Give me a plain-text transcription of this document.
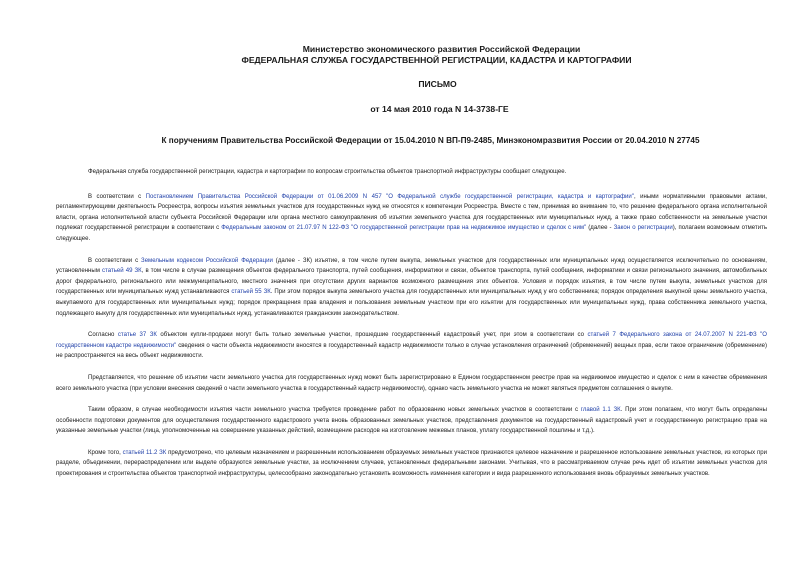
Министерство экономического развития Российской Федерации
ФЕДЕРАЛЬНАЯ СЛУЖБА ГОСУДАРСТВЕННОЙ РЕГИСТРАЦИИ, КАДАСТРА И КАРТОГРАФИИ
ПИСЬМО
от 14 мая 2010 года N 14-3738-ГЕ
К поручениям Правительства Российской Федерации от 15.04.2010 N ВП-П9-2485, Минэкономразвития России от 20.04.2010 N 27745

Федеральная служба государственной регистрации, кадастра и картографии по вопросам строительства объектов транспортной инфраструктуры сообщает следующее.

В соответствии с Постановлением Правительства Российской Федерации от 01.06.2009 N 457 "О Федеральной службе государственной регистрации, кадастра и картографии", иными нормативными правовыми актами, регламентирующими деятельность Росреестра, вопросы изъятия земельных участков для государственных нужд не относятся к компетенции Росреестра. Вместе с тем, принимая во внимание то, что решение федерального органа исполнительной власти, органа исполнительной власти субъекта Российской Федерации или органа местного самоуправления об изъятии земельного участка для государственных или муниципальных нужд, а также право собственности на земельные участки подлежат государственной регистрации в соответствии с Федеральным законом от 21.07.97 N 122-ФЗ "О государственной регистрации прав на недвижимое имущество и сделок с ним" (далее - Закон о регистрации), полагаем возможным отметить следующее.

В соответствии с Земельным кодексом Российской Федерации (далее - ЗК) изъятие, в том числе путем выкупа, земельных участков для государственных или муниципальных нужд осуществляется исключительно по основаниям, установленным статьей 49 ЗК, в том числе в случае размещения объектов федерального транспорта, путей сообщения, информатики и связи, объектов транспорта, путей сообщения, информатики и связи регионального значения, автомобильных дорог федерального, регионального или межмуниципального, местного значения при отсутствии других вариантов возможного размещения этих объектов. Условия и порядок изъятия, в том числе путем выкупа, земельных участков для государственных или муниципальных нужд устанавливаются статьей 55 ЗК. При этом порядок выкупа земельного участка для государственных или муниципальных нужд у его собственника; порядок определения выкупной цены земельного участка, выкупаемого для государственных или муниципальных нужд; порядок прекращения прав владения и пользования земельным участком при его изъятии для государственных или муниципальных нужд, права собственника земельного участка, подлежащего выкупу для государственных или муниципальных нужд, устанавливаются гражданским законодательством.

Согласно статье 37 ЗК объектом купли-продажи могут быть только земельные участки, прошедшие государственный кадастровый учет, при этом в соответствии со статьей 7 Федерального закона от 24.07.2007 N 221-ФЗ "О государственном кадастре недвижимости" сведения о части объекта недвижимости вносятся в государственный кадастр недвижимости только в случае установления ограничений (обременений) вещных прав, если такое ограничение (обременение) не распространяется на весь объект недвижимости.

Представляется, что решение об изъятии части земельного участка для государственных нужд может быть зарегистрировано в Едином государственном реестре прав на недвижимое имущество и сделок с ним в качестве обременения всего земельного участка (при условии внесения сведений о части земельного участка в государственный кадастр недвижимости), однако часть земельного участка не может являться предметом соглашения о выкупе.

Таким образом, в случае необходимости изъятия части земельного участка требуется проведение работ по образованию новых земельных участков в соответствии с главой 1.1 ЗК. При этом полагаем, что могут быть определены особенности подготовки документов для осуществления государственного кадастрового учета вновь образованных земельных участков, представления документов на государственный кадастровый учет и государственную регистрацию прав на указанные земельные участки (лица, уполномоченные на совершение указанных действий, возмещение расходов на изготовление межевых планов, уплату государственной пошлины и т.д.).

Кроме того, статьей 11.2 ЗК предусмотрено, что целевым назначением и разрешенным использованием образуемых земельных участков признаются целевое назначение и разрешенное использование земельных участков, из которых при разделе, объединении, перераспределении или выделе образуются земельные участки, за исключением случаев, установленных федеральными законами. Учитывая, что в рассматриваемом случае речь идет об изъятии земельных участков для проектирования и строительства объектов транспортной инфраструктуры, целесообразно законодательно установить возможность изменения категории и вида разрешенного использования вновь образуемых земельных участков.
